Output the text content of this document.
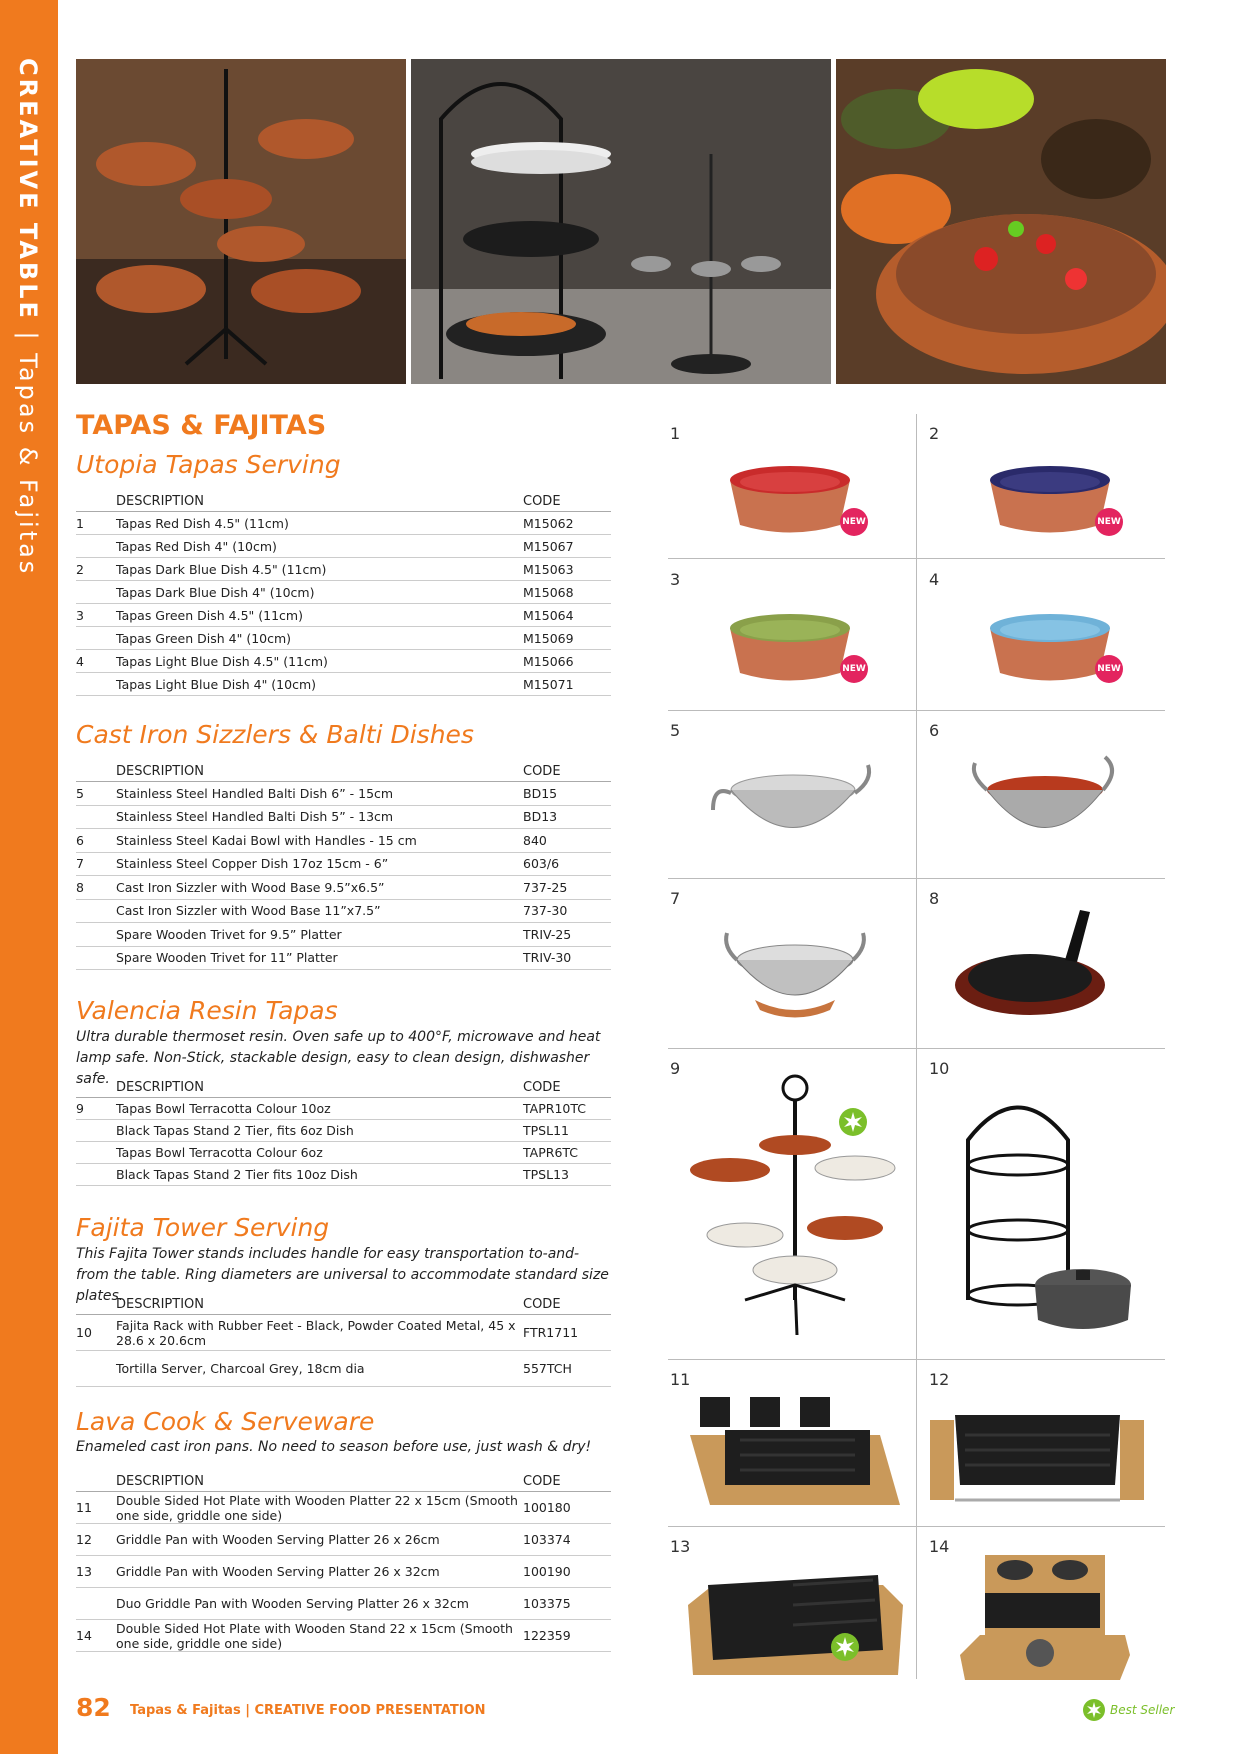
CREATIVE TABLE | Tapas & Fajitas TAPAS & FAJITAS
Utopia Tapas Serving
	DESCRIPTION	CODE
1	Tapas Red Dish 4.5" (11cm)	M15062
	Tapas Red Dish 4" (10cm)	M15067
2	Tapas Dark Blue Dish 4.5" (11cm)	M15063
	Tapas Dark Blue Dish 4" (10cm)	M15068
3	Tapas Green Dish 4.5" (11cm)	M15064
	Tapas Green Dish 4" (10cm)	M15069
4	Tapas Light Blue Dish 4.5" (11cm)	M15066
	Tapas Light Blue Dish 4" (10cm)	M15071
Cast Iron Sizzlers & Balti Dishes
	DESCRIPTION	CODE
5	Stainless Steel Handled Balti Dish 6” - 15cm	BD15
	Stainless Steel Handled Balti Dish 5” - 13cm	BD13
6	Stainless Steel Kadai Bowl with Handles - 15 cm	840
7	Stainless Steel Copper Dish 17oz 15cm - 6”	603/6
8	Cast Iron Sizzler with Wood Base 9.5”x6.5”	737-25
	Cast Iron Sizzler with Wood Base 11”x7.5”	737-30
	Spare Wooden Trivet for 9.5” Platter	TRIV-25
	Spare Wooden Trivet for 11” Platter	TRIV-30
Valencia Resin Tapas
Ultra durable thermoset resin. Oven safe up to 400°F, microwave and heat lamp safe. Non-Stick, stackable design, easy to clean design, dishwasher safe.
	DESCRIPTION	CODE
9	Tapas Bowl Terracotta Colour 10oz	TAPR10TC
	Black Tapas Stand 2 Tier, fits 6oz Dish	TPSL11
	Tapas Bowl Terracotta Colour 6oz	TAPR6TC
	Black Tapas Stand 2 Tier fits 10oz Dish	TPSL13
Fajita Tower Serving
This Fajita Tower stands includes handle for easy transportation to-and-from the table. Ring diameters are universal to accommodate standard size plates.
	DESCRIPTION	CODE
10	Fajita Rack with Rubber Feet - Black, Powder Coated Metal, 45 x 28.6 x 20.6cm	FTR1711
	Tortilla Server, Charcoal Grey, 18cm dia	557TCH
Lava Cook & Serveware
Enameled cast iron pans. No need to season before use, just wash & dry!
	DESCRIPTION	CODE
11	Double Sided Hot Plate with Wooden Platter 22 x 15cm (Smooth one side, griddle one side)	100180
12	Griddle Pan with Wooden Serving Platter 26 x 26cm	103374
13	Griddle Pan with Wooden Serving Platter 26 x 32cm	100190
	Duo Griddle Pan with Wooden Serving Platter 26 x 32cm	103375
14	Double Sided Hot Plate with Wooden Stand 22 x 15cm (Smooth one side, griddle one side)	122359
1	2
3	4
5	6
7	8
9	10
11	12
13	14
NEW	NEW
NEW	NEW
82 Tapas & Fajitas | CREATIVE FOOD PRESENTATION	Best Seller
